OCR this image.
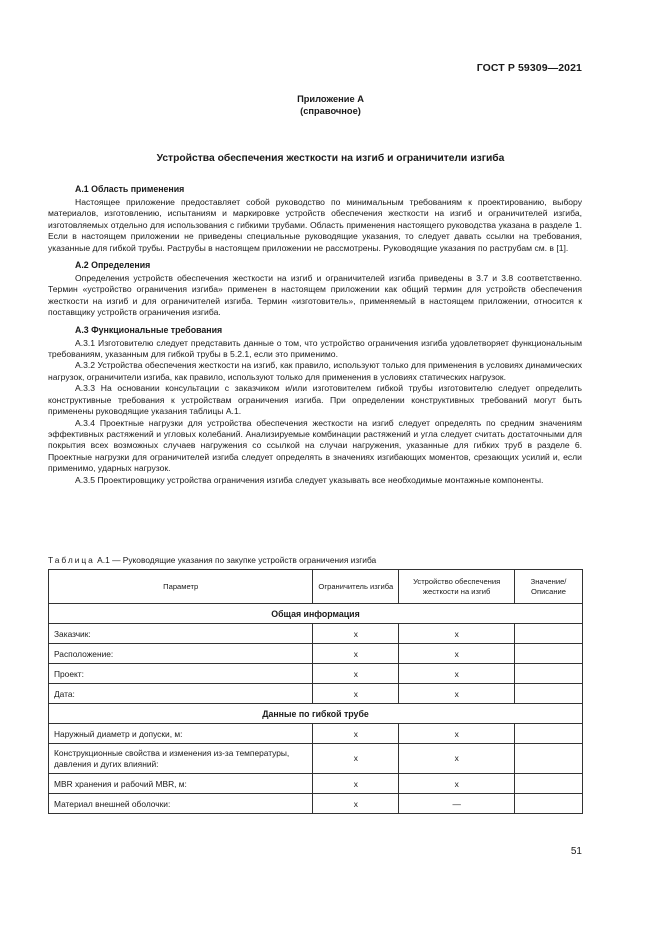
ГОСТ Р 59309—2021
Приложение А
(справочное)
Устройства обеспечения жесткости на изгиб и ограничители изгиба
А.1 Область применения

Настоящее приложение предоставляет собой руководство по минимальным требованиям к проектированию, выбору материалов, изготовлению, испытаниям и маркировке устройств обеспечения жесткости на изгиб и ограничителей изгиба, изготовляемых отдельно для использования с гибкими трубами. Область применения настоящего руководства указана в разделе 1. Если в настоящем приложении не приведены специальные руководящие указания, то следует давать ссылки на требования, указанные для гибкой трубы. Раструбы в настоящем приложении не рассмотрены. Руководящие указания по раструбам см. в [1].

А.2 Определения

Определения устройств обеспечения жесткости на изгиб и ограничителей изгиба приведены в 3.7 и 3.8 соответственно. Термин «устройство ограничения изгиба» применен в настоящем приложении как общий термин для устройств обеспечения жесткости на изгиб и для ограничителей изгиба. Термин «изготовитель», применяемый в настоящем приложении, относится к поставщику устройств ограничения изгиба.

А.3 Функциональные требования

А.3.1 Изготовителю следует представить данные о том, что устройство ограничения изгиба удовлетворяет функциональным требованиям, указанным для гибкой трубы в 5.2.1, если это применимо.

А.3.2 Устройства обеспечения жесткости на изгиб, как правило, используют только для применения в условиях динамических нагрузок, ограничители изгиба, как правило, используют только для применения в условиях статических нагрузок.

А.3.3 На основании консультации с заказчиком и/или изготовителем гибкой трубы изготовителю следует определить конструктивные требования к устройствам ограничения изгиба. При определении конструктивных требований могут быть применены руководящие указания таблицы А.1.

А.3.4 Проектные нагрузки для устройства обеспечения жесткости на изгиб следует определять по средним значениям эффективных растяжений и угловых колебаний. Анализируемые комбинации растяжений и угла следует считать достаточными для покрытия всех возможных случаев нагружения со ссылкой на случаи нагружения, указанные для гибких труб в разделе 6. Проектные нагрузки для ограничителей изгиба следует определять в значениях изгибающих моментов, срезающих усилий и, если применимо, ударных нагрузок.

А.3.5 Проектировщику устройства ограничения изгиба следует указывать все необходимые монтажные компоненты.

Таблица А.1 — Руководящие указания по закупке устройств ограничения изгиба
Параметр	Ограничитель изгиба	Устройство обеспечения жесткости на изгиб	Значение/ Описание
Общая информация			
Заказчик:	x	x	
Расположение:	x	x	
Проект:	x	x	
Дата:	x	x	
Данные по гибкой трубе			
Наружный диаметр и допуски, м:	x	x	
Конструкционные свойства и изменения из-за температуры, давления и дугих влияний:	x	x	
MBR хранения и рабочий MBR, м:	x	x	
Материал внешней оболочки:	x	—	
51
